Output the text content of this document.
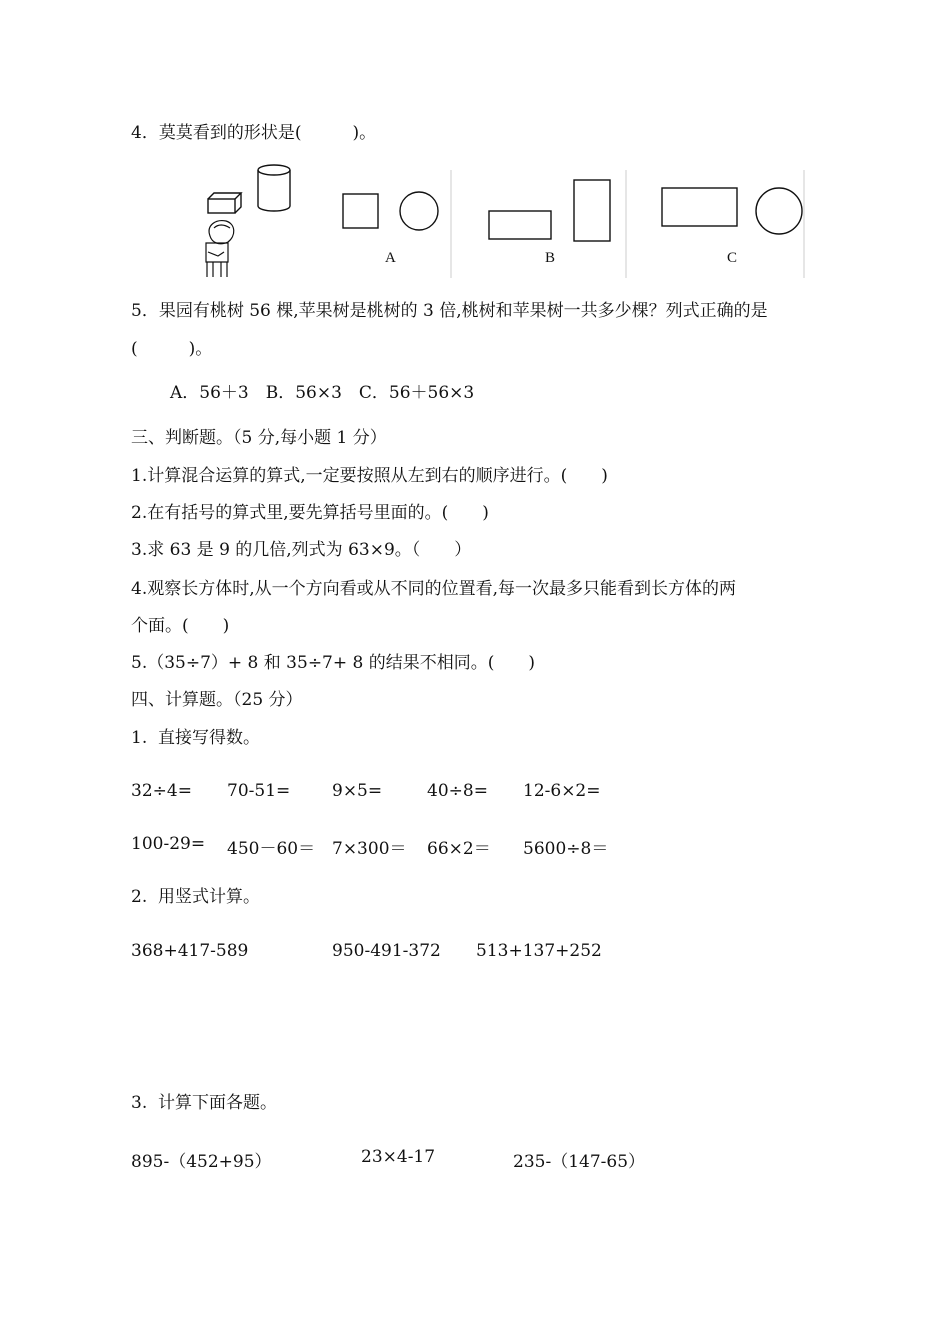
4．莫莫看到的形状是(　　　)。
A	B	C
5．果园有桃树 56 棵,苹果树是桃树的 3 倍,桃树和苹果树一共多少棵？列式正确的是
(　　　)。
A．56＋3　B．56×3　C．56＋56×3
三、判断题。（5 分,每小题 1 分）
1.计算混合运算的算式,一定要按照从左到右的顺序进行。(　　)
2.在有括号的算式里,要先算括号里面的。(　　)
3.求 63 是 9 的几倍,列式为 63×9。（　　）
4.观察长方体时,从一个方向看或从不同的位置看,每一次最多只能看到长方体的两
个面。(　　)
5.（35÷7）+ 8 和 35÷7+ 8 的结果不相同。(　　)
四、计算题。（25 分）
1.  直接写得数。
32÷4= 70-51= 9×5=	40÷8= 12-6×2=
100-29= 450－60＝ 7×300＝ 66×2＝ 5600÷8＝
2.  用竖式计算。
368+417-589	950-491-372 513+137+252
3.  计算下面各题。
895-（452+95）	23×4-17	235-（147-65）
